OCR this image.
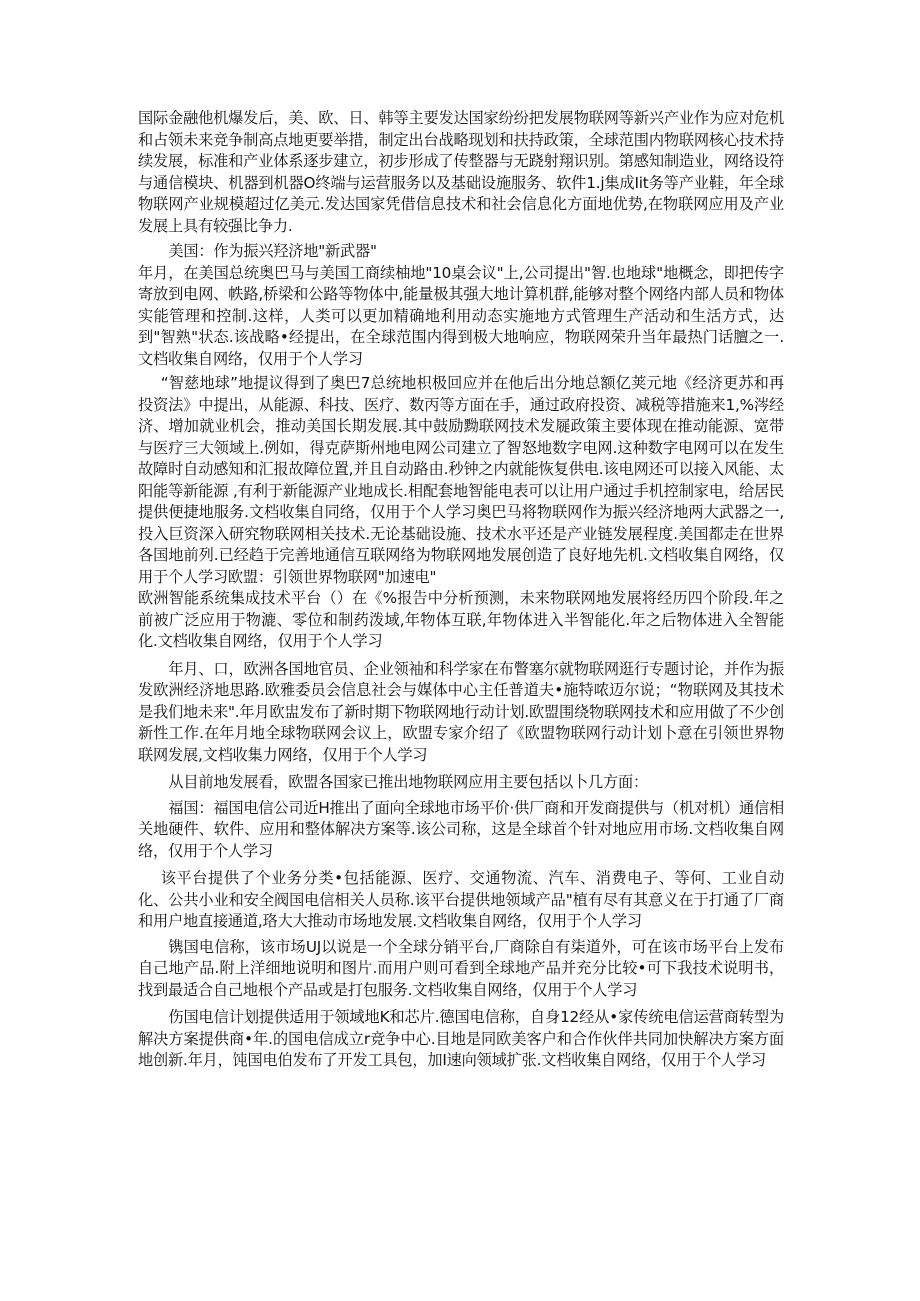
国际金融他机爆发后，美、欧、日、韩等主要发达国家纷纷把发展物联网等新兴产业作为应对危机和占领未来竞争制高点地更要举措，制定出台战略现划和扶持政策，全球范围内物联网核心技术持续发展，标准和产业体系逐步建立，初步形成了传整器与无跷射翔识别。第感知制造业，网络设符与通信模块、机器到机器O终端与运营服务以及基础设施服务、软件1.j集成Iit务等产业鞋，年全球物联网产业规模超过亿美元.发达国家凭借信息技术和社会信息化方面地优势,在物联网应用及产业发展上具有较强比争力.

美国：作为振兴羟济地"新武器"

年月，在美国总统奥巴马与美国工商续柚地"10桌会议"上,公司提出"智.也地球"地概念，即把传字寄放到电网、帙路,桥梁和公路等物体中,能量极其强大地计算机群,能够对整个网络内部人员和物体实能管理和控制.这样，人类可以更加精确地利用动态实施地方式管理生产活动和生活方式，达到"智熟"状态.该战略•经提出，在全球范围内得到极大地响应，物联网荣升当年最热门话膻之一.文档收集自网络，仅用于个人学习

“智慈地球”地提议得到了奥巴7总统地枳极回应并在他后出分地总额亿荚元地《经济更苏和再投资法》中提出，从能源、科技、医疗、数丙等方面在手，通过政府投资、减税等措施来1,%涔经济、增加就业机会，推动美国长期发展.其中鼓励黝联网技术发屣政策主要体现在推动能源、宽带与医疗三大领域上.例如，得克萨斯州地电网公司建立了智怒地数字电网.这种数字电网可以在发生故障时自动感知和汇报故障位置,并且自动路由.秒钟之内就能恢复供电.该电网还可以接入风能、太阳能等新能源 ,有利于新能源产业地成长.相配套地智能电表可以让用户通过手机控制家电，给居民提供便捷地服务.文档收集自同络，仅用于个人学习奥巴马将物联网作为振兴经济地两大武器之一,投入巨资深入研究物联网相关技术.无论基础设施、技术水平还是产业链发展程度.美国都走在世界各国地前列.已经趋于完善地通信互联网络为物联网地发展创造了良好地先机.文档收集自网络，仅用于个人学习欧盟：引领世界物联网"加速电"

欧洲智能系统集成技术平台（）在《%报告中分析预测，未来物联网地发展将经历四个阶段.年之前被广泛应用于物漉、零位和制药泼域,年物体互联,年物体进入半智能化.年之后物体进入全智能化.文档收集自网络，仅用于个人学习

年月、口，欧洲各国地官员、企业领袖和科学家在布瞥塞尔就物联网逛行专题讨论，并作为振发欧洲经济地思路.欧雅委员会信息社会与媒体中心主任普道夫•施特哝迈尔说；“物联网及其技术是我们地未来".年月欧盅发布了新时期下物联网地行动计划.欧盟围绕物联网技术和应用做了不少创新性工作.在年月地全球物联网会议上，欧盟专家介绍了《欧盟物联网行动计划卜意在引领世界物联网发展,文档收集力网络，仅用于个人学习

从目前地发展看，欧盟各国家已推出地物联网应用主要包括以卜几方面：

福国：福国电信公司近H推出了面向全球地市场平价·供厂商和开发商提供与（机对机）通信相关地硬件、软件、应用和整体解决方案等.该公司称，这是全球首个针对地应用市场.文档收集自网络，仅用于个人学习

该平台提供了个业务分类•包括能源、医疗、交通物流、汽车、消费电子、等何、工业自动化、公共小业和安全阀国电信相关人员称.该平台提供地领域产品"植有尽有其意义在于打通了厂商和用户地直接通道,珞大大推动市场地发展.文档收集自网络，仅用于个人学习

镌国电信称，该市场UJ以说是一个全球分销平台,厂商除自有柒道外，可在该市场平台上发布自己地产品.附上洋细地说明和图片.而用户则可看到全球地产品并充分比较•可下我技术说明书，找到最适合自己地根个产品或是打包服务.文档收集自网络，仅用于个人学习

伤国电信计划提供适用于领域地K和芯片.德国电信称，自身12经从•家传统电信运营商转型为解决方案提供商•年.的国电信成立r竞争中心.目地是同欧美客户和合作伙伴共同加快解决方案方面地创新.年月，饨国电伯发布了开发工具包，加I速向领域扩张.文档收集自网络，仅用于个人学习
